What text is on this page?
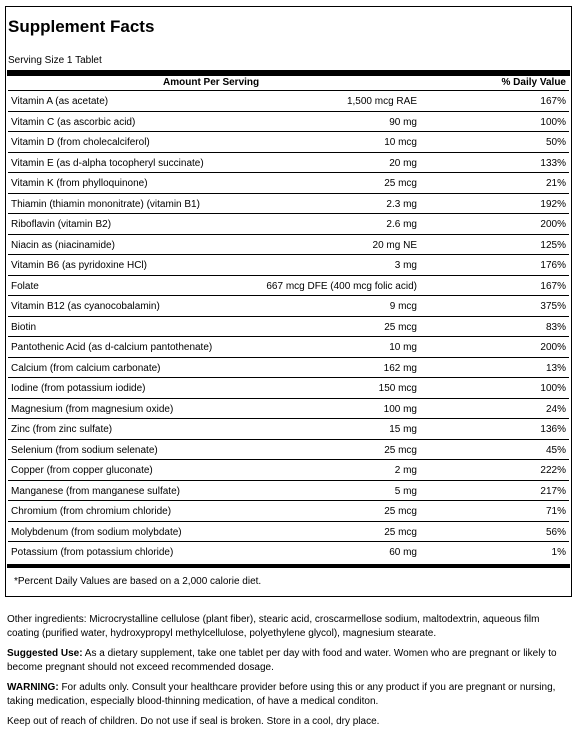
Supplement Facts
Serving Size 1 Tablet
Amount Per Serving	% Daily Value
Vitamin A (as acetate)	1,500 mcg RAE	167%
Vitamin C (as ascorbic acid)	90 mg	100%
Vitamin D (from cholecalciferol)	10 mcg	50%
Vitamin E (as d-alpha tocopheryl succinate)	20 mg	133%
Vitamin K (from phylloquinone)	25 mcg	21%
Thiamin (thiamin mononitrate) (vitamin B1)	2.3 mg	192%
Riboflavin (vitamin B2)	2.6 mg	200%
Niacin as (niacinamide)	20 mg NE	125%
Vitamin B6 (as pyridoxine HCl)	3 mg	176%
Folate	667 mcg DFE (400 mcg folic acid)	167%
Vitamin B12 (as cyanocobalamin)	9 mcg	375%
Biotin	25 mcg	83%
Pantothenic Acid (as d-calcium pantothenate)	10 mg	200%
Calcium (from calcium carbonate)	162 mg	13%
Iodine (from potassium iodide)	150 mcg	100%
Magnesium (from magnesium oxide)	100 mg	24%
Zinc (from zinc sulfate)	15 mg	136%
Selenium (from sodium selenate)	25 mcg	45%
Copper (from copper gluconate)	2 mg	222%
Manganese (from manganese sulfate)	5 mg	217%
Chromium (from chromium chloride)	25 mcg	71%
Molybdenum (from sodium molybdate)	25 mcg	56%
Potassium (from potassium chloride)	60 mg	1%
*Percent Daily Values are based on a 2,000 calorie diet.

Other ingredients: Microcrystalline cellulose (plant fiber), stearic acid, croscarmellose sodium, maltodextrin, aqueous film coating (purified water, hydroxypropyl methylcellulose, polyethylene glycol), magnesium stearate.

Suggested Use: As a dietary supplement, take one tablet per day with food and water. Women who are pregnant or likely to become pregnant should not exceed recommended dosage.

WARNING: For adults only. Consult your healthcare provider before using this or any product if you are pregnant or nursing, taking medication, especially blood-thinning medication, of have a medical conditon.

Keep out of reach of children. Do not use if seal is broken. Store in a cool, dry place.
